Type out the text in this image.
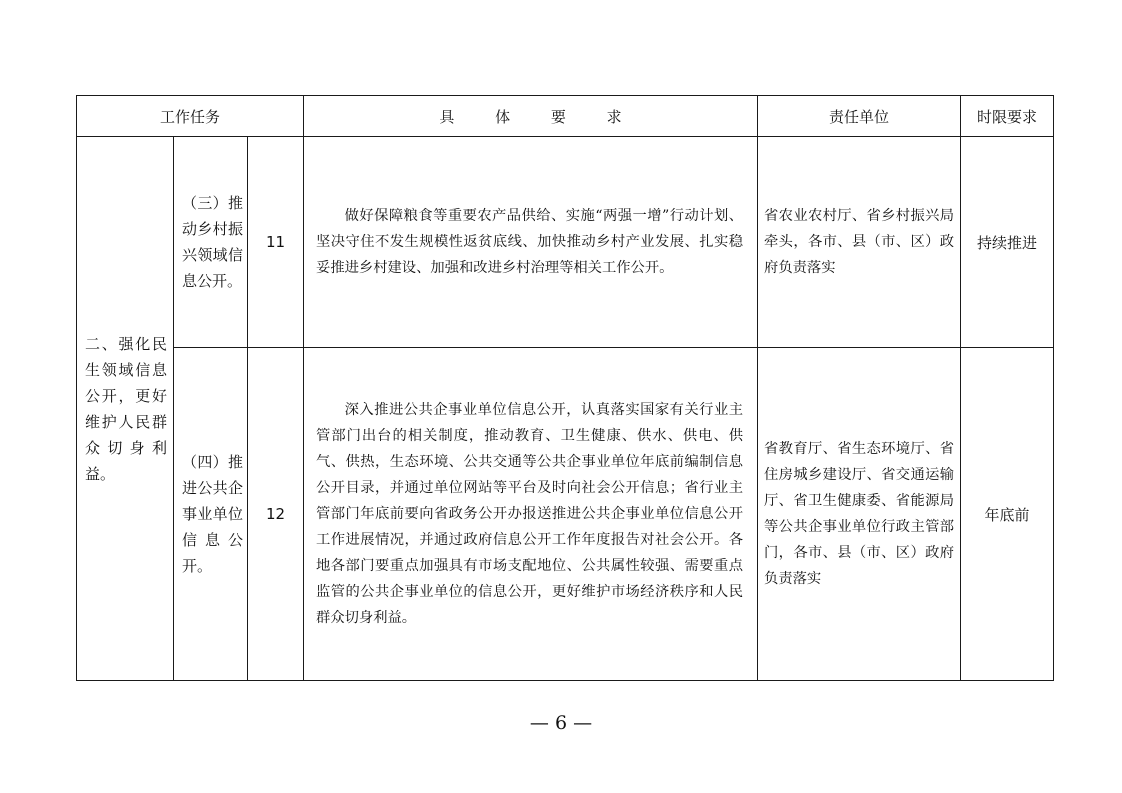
工作任务			具 体 要 求	责任单位	时限要求
二、强化民生领域信息公开，更好维护人民群众切身利益。	（三）推动乡村振兴领域信息公开。	11	做好保障粮食等重要农产品供给、实施“两强一增”行动计划、坚决守住不发生规模性返贫底线、加快推动乡村产业发展、扎实稳妥推进乡村建设、加强和改进乡村治理等相关工作公开。	省农业农村厅、省乡村振兴局牵头，各市、县（市、区）政府负责落实	持续推进
	（四）推进公共企事业单位信息公开。	12	深入推进公共企事业单位信息公开，认真落实国家有关行业主管部门出台的相关制度，推动教育、卫生健康、供水、供电、供气、供热，生态环境、公共交通等公共企事业单位年底前编制信息公开目录，并通过单位网站等平台及时向社会公开信息；省行业主管部门年底前要向省政务公开办报送推进公共企事业单位信息公开工作进展情况，并通过政府信息公开工作年度报告对社会公开。各地各部门要重点加强具有市场支配地位、公共属性较强、需要重点监管的公共企事业单位的信息公开，更好维护市场经济秩序和人民群众切身利益。	省教育厅、省生态环境厅、省住房城乡建设厅、省交通运输厅、省卫生健康委、省能源局等公共企事业单位行政主管部门，各市、县（市、区）政府负责落实	年底前
— 6 —
